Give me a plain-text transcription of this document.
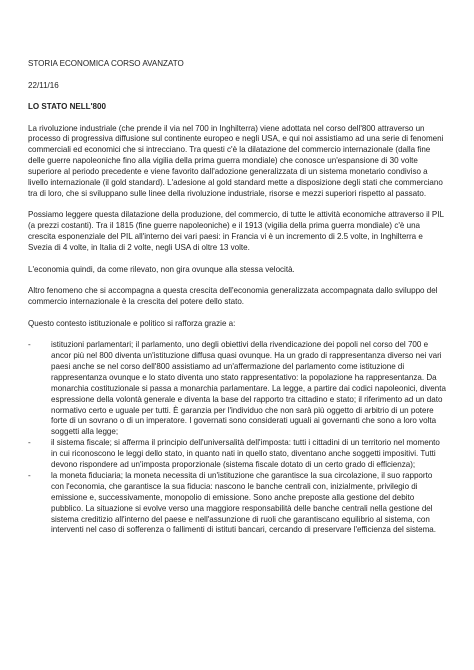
STORIA ECONOMICA CORSO AVANZATO
22/11/16
LO STATO NELL'800
La rivoluzione industriale (che prende il via nel 700 in Inghilterra) viene adottata nel corso dell'800 attraverso un processo di progressiva diffusione sul continente europeo e negli USA, e qui noi assistiamo ad una serie di fenomeni commerciali ed economici che si intrecciano. Tra questi c'è la dilatazione del commercio internazionale (dalla fine delle guerre napoleoniche fino alla vigilia della prima guerra mondiale) che conosce un'espansione di 30 volte superiore al periodo precedente e viene favorito dall'adozione generalizzata di un sistema monetario condiviso a livello internazionale (il gold standard). L'adesione al gold standard mette a disposizione degli stati che commerciano tra di loro, che si sviluppano sulle linee della rivoluzione industriale, risorse e mezzi superiori rispetto al passato.
Possiamo leggere questa dilatazione della produzione, del commercio, di tutte le attività economiche attraverso il PIL (a prezzi costanti). Tra il 1815 (fine guerre napoleoniche) e il 1913 (vigilia della prima guerra mondiale) c'è una crescita esponenziale del PIL all'interno dei vari paesi: in Francia vi è un incremento di 2.5 volte, in Inghilterra e Svezia di 4 volte, in Italia di 2 volte, negli USA di oltre 13 volte.
L'economia quindi, da come rilevato, non gira ovunque alla stessa velocità.
Altro fenomeno che si accompagna a questa crescita dell'economia generalizzata accompagnata dallo sviluppo del commercio internazionale è la crescita del potere dello stato.
Questo contesto istituzionale e politico si rafforza grazie a:
-	istituzioni parlamentari; il parlamento, uno degli obiettivi della rivendicazione dei popoli nel corso del 700 e ancor più nel 800 diventa un'istituzione diffusa quasi ovunque. Ha un grado di rappresentanza diverso nei vari paesi anche se nel corso dell'800 assistiamo ad un'affermazione del parlamento come istituzione di rappresentanza ovunque e lo stato diventa uno stato rappresentativo: la popolazione ha rappresentanza. Da monarchia costituzionale si passa a monarchia parlamentare. La legge, a partire dai codici napoleonici, diventa espressione della volontà generale e diventa la base del rapporto tra cittadino e stato; il riferimento ad un dato normativo certo e uguale per tutti. È garanzia per l'individuo che non sarà più oggetto di arbitrio di un potere forte di un sovrano o di un imperatore. I governati sono considerati uguali ai governanti che sono a loro volta soggetti alla legge;
-	il sistema fiscale; si afferma il principio dell'universalità dell'imposta: tutti i cittadini di un territorio nel momento in cui riconoscono le leggi dello stato, in quanto nati in quello stato, diventano anche soggetti impositivi. Tutti devono rispondere ad un'imposta proporzionale (sistema fiscale dotato di un certo grado di efficienza);
-	la moneta fiduciaria; la moneta necessita di un'istituzione che garantisce la sua circolazione, il suo rapporto con l'economia, che garantisce la sua fiducia: nascono le banche centrali con, inizialmente, privilegio di emissione e, successivamente, monopolio di emissione. Sono anche preposte alla gestione del debito pubblico. La situazione si evolve verso una maggiore responsabilità delle banche centrali nella gestione del sistema creditizio all'interno del paese e nell'assunzione di ruoli che garantiscano equilibrio al sistema, con interventi nel caso di sofferenza o fallimenti di istituti bancari, cercando di preservare l'efficienza del sistema.
